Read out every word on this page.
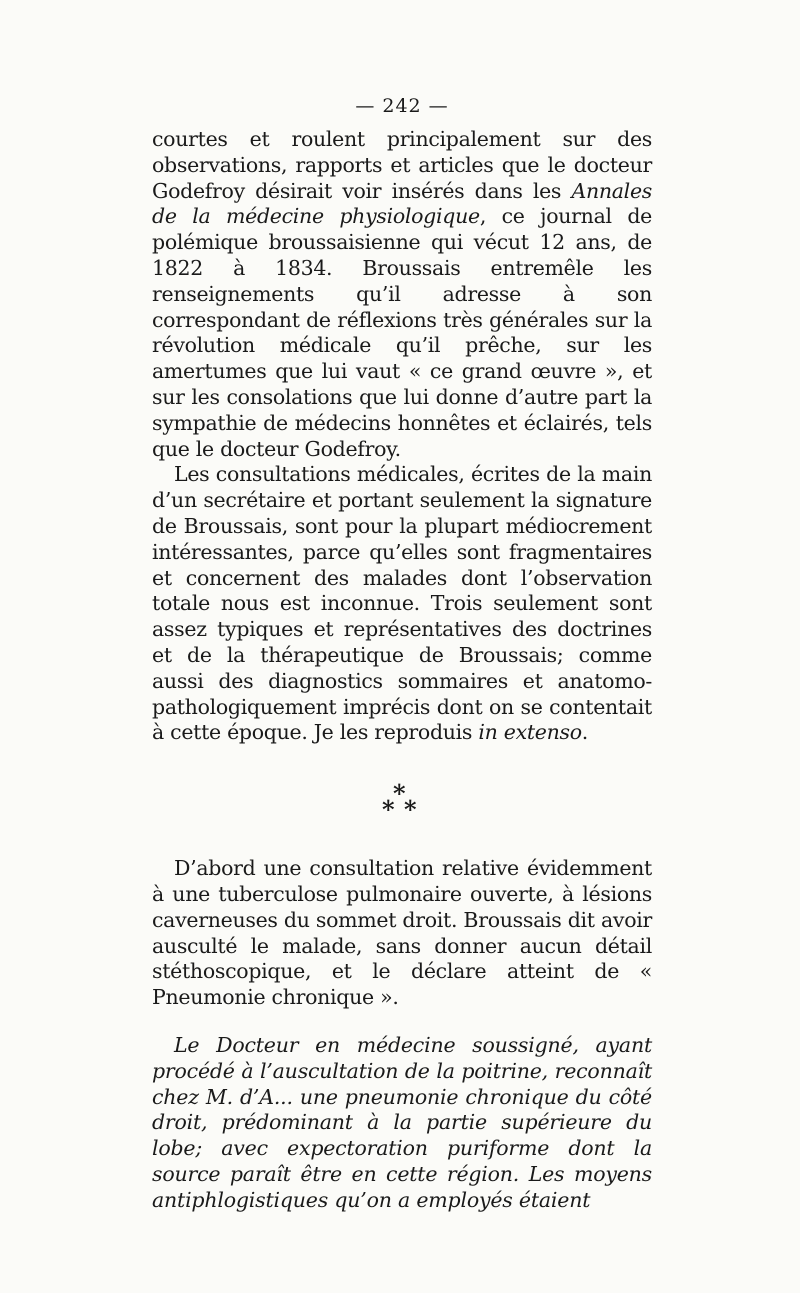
— 242 —

courtes et roulent principalement sur des observations, rapports et articles que le docteur Godefroy désirait voir insérés dans les Annales de la médecine physiologique, ce journal de polémique broussaisienne qui vécut 12 ans, de 1822 à 1834. Broussais entremêle les renseignements qu’il adresse à son correspondant de réflexions très générales sur la révolution médicale qu’il prêche, sur les amertumes que lui vaut « ce grand œuvre », et sur les consolations que lui donne d’autre part la sympathie de médecins honnêtes et éclairés, tels que le docteur Godefroy.

Les consultations médicales, écrites de la main d’un secrétaire et portant seulement la signature de Broussais, sont pour la plupart médiocrement intéressantes, parce qu’elles sont fragmentaires et concernent des malades dont l’observation totale nous est inconnue. Trois seulement sont assez typiques et représentatives des doctrines et de la thérapeutique de Broussais; comme aussi des diagnostics sommaires et anatomo-pathologiquement imprécis dont on se contentait à cette époque. Je les reproduis in extenso.

*
* *

D’abord une consultation relative évidemment à une tuberculose pulmonaire ouverte, à lésions caverneuses du sommet droit. Broussais dit avoir ausculté le malade, sans donner aucun détail stéthoscopique, et le déclare atteint de « Pneumonie chronique ».

Le Docteur en médecine soussigné, ayant procédé à l’auscultation de la poitrine, reconnaît chez M. d’A... une pneumonie chronique du côté droit, prédominant à la partie supérieure du lobe; avec expectoration puriforme dont la source paraît être en cette région. Les moyens antiphlogistiques qu’on a employés étaient
